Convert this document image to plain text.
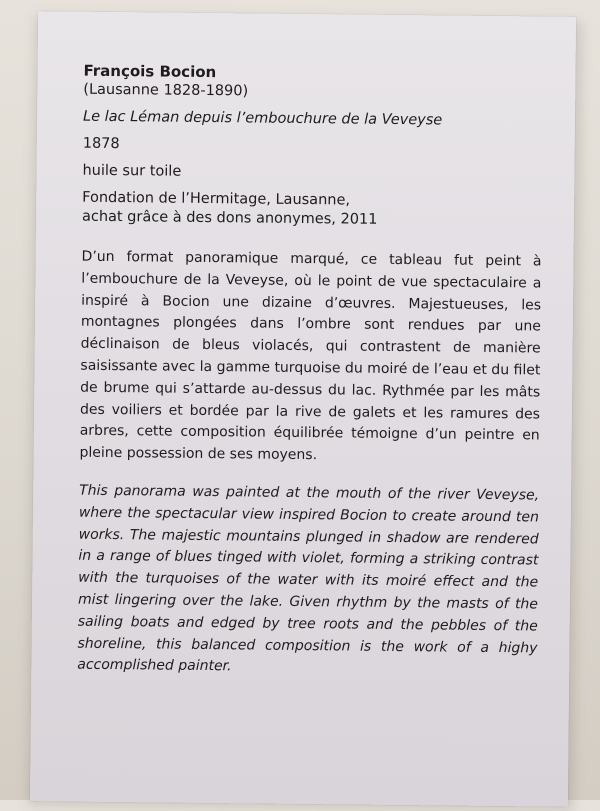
François Bocion

(Lausanne 1828-1890)

Le lac Léman depuis l’embouchure de la Veveyse

1878

huile sur toile

Fondation de l’Hermitage, Lausanne,

achat grâce à des dons anonymes, 2011

D’un format panoramique marqué, ce tableau fut peint à l’embouchure de la Veveyse, où le point de vue spectaculaire a inspiré à Bocion une dizaine d’œuvres. Majestueuses, les montagnes plongées dans l’ombre sont rendues par une déclinaison de bleus violacés, qui contrastent de manière saisissante avec la gamme turquoise du moiré de l’eau et du filet de brume qui s’attarde au-dessus du lac. Rythmée par les mâts des voiliers et bordée par la rive de galets et les ramures des arbres, cette composition équilibrée témoigne d’un peintre en pleine possession de ses moyens.

This panorama was painted at the mouth of the river Veveyse, where the spectacular view inspired Bocion to create around ten works. The majestic mountains plunged in shadow are rendered in a range of blues tinged with violet, forming a striking contrast with the turquoises of the water with its moiré effect and the mist lingering over the lake. Given rhythm by the masts of the sailing boats and edged by tree roots and the pebbles of the shoreline, this balanced composition is the work of a highy accomplished painter.
